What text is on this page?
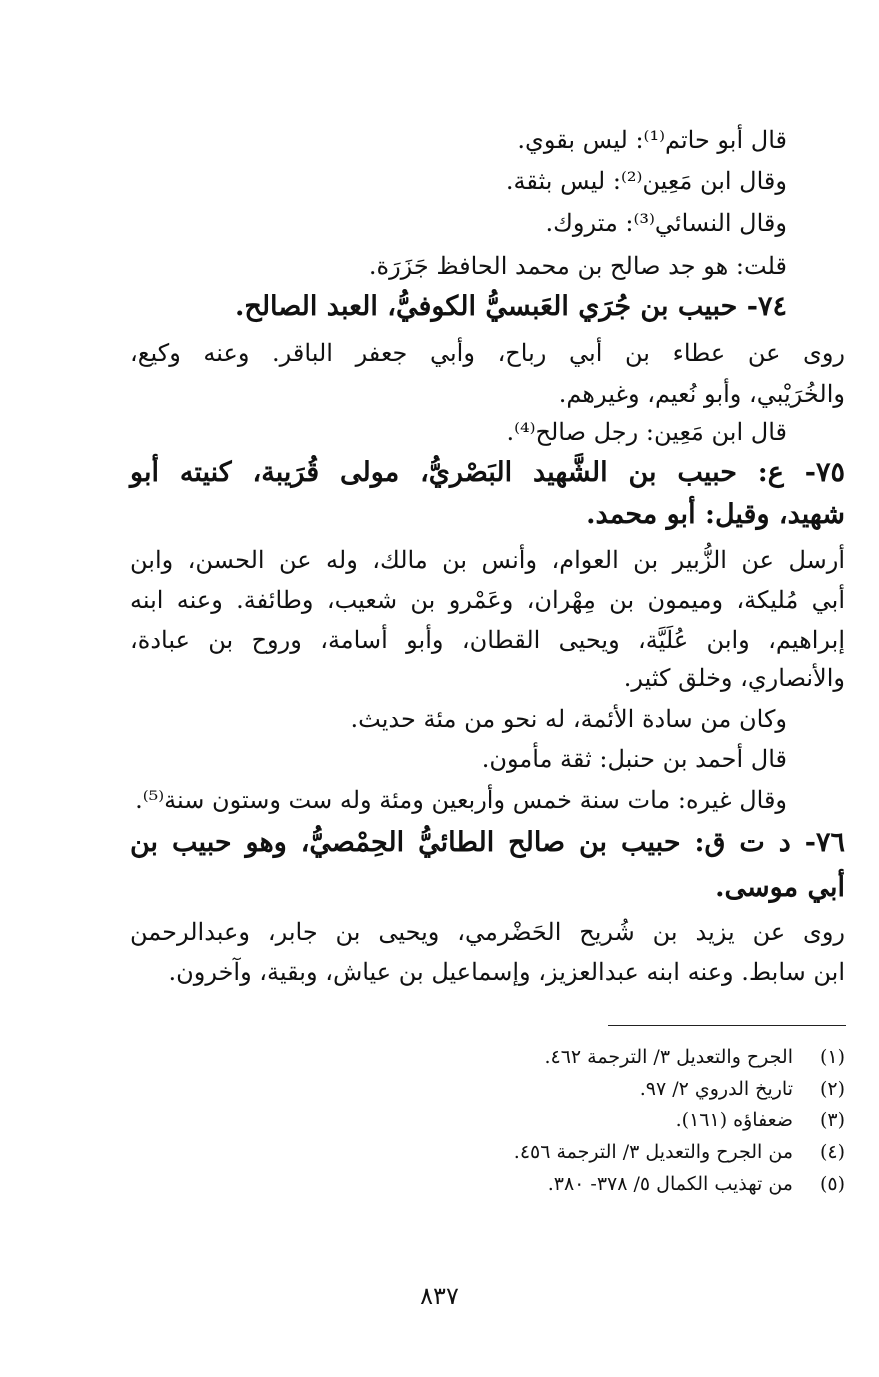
قال أبو حاتم⁽¹⁾: ليس بقوي.
وقال ابن مَعِين⁽²⁾: ليس بثقة.
وقال النسائي⁽³⁾: متروك.
قلت: هو جد صالح بن محمد الحافظ جَزَرَة.
٧٤- حبيب بن جُرَي العَبسيُّ الكوفيُّ، العبد الصالح.
روى عن عطاء بن أبي رباح، وأبي جعفر الباقر. وعنه وكيع،
والخُرَيْبي، وأبو نُعيم، وغيرهم.
قال ابن مَعِين: رجل صالح⁽⁴⁾.
٧٥- ع: حبيب بن الشَّهيد البَصْريُّ، مولى قُرَيبة، كنيته أبو
شهيد، وقيل: أبو محمد.
أرسل عن الزُّبير بن العوام، وأنس بن مالك، وله عن الحسن، وابن
أبي مُليكة، وميمون بن مِهْران، وعَمْرو بن شعيب، وطائفة. وعنه ابنه
إبراهيم، وابن عُلَيَّة، ويحيى القطان، وأبو أسامة، وروح بن عبادة،
والأنصاري، وخلق كثير.
وكان من سادة الأئمة، له نحو من مئة حديث.
قال أحمد بن حنبل: ثقة مأمون.
وقال غيره: مات سنة خمس وأربعين ومئة وله ست وستون سنة⁽⁵⁾.
٧٦- د ت ق: حبيب بن صالح الطائيُّ الحِمْصيُّ، وهو حبيب بن
أبي موسى.
روى عن يزيد بن شُريح الحَضْرمي، ويحيى بن جابر، وعبدالرحمن
ابن سابط. وعنه ابنه عبدالعزيز، وإسماعيل بن عياش، وبقية، وآخرون.
(١)الجرح والتعديل ٣/ الترجمة ٤٦٢.
(٢)تاريخ الدروي ٢/ ٩٧.
(٣)ضعفاؤه (١٦١).
(٤)من الجرح والتعديل ٣/ الترجمة ٤٥٦.
(٥)من تهذيب الكمال ٥/ ٣٧٨- ٣٨٠.
٨٣٧
